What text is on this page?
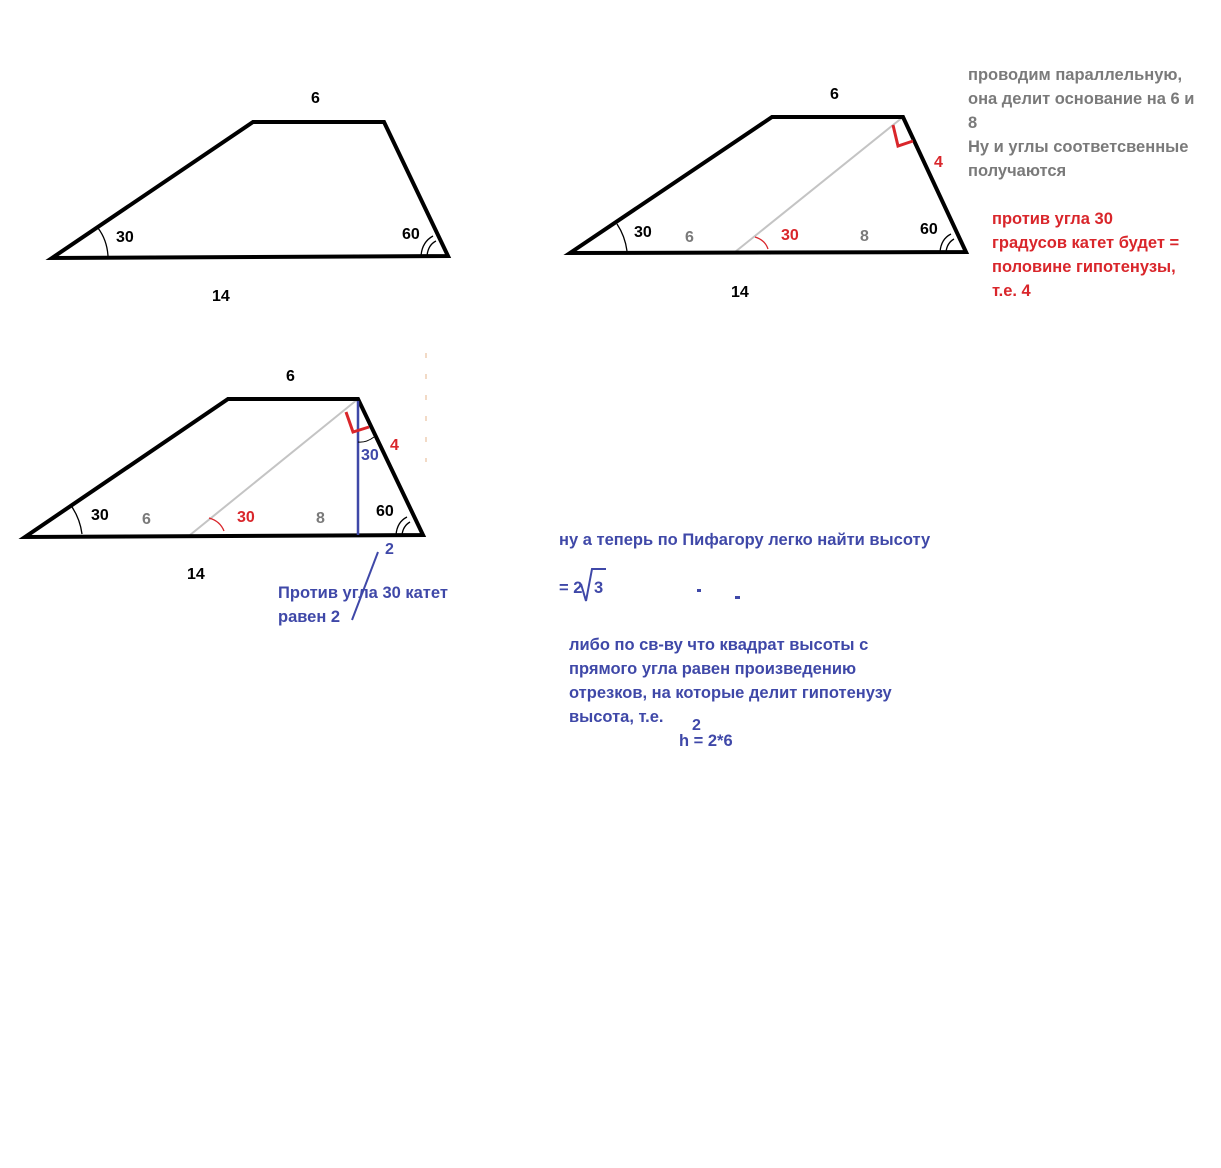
6
14
30	60
6
14
30 6	30	8	60
4
6
14
30 6	30	8	60
4
30
2
= 2 3
2
h = 2*6

проводим параллельную,
она делит основание на 6 и
8
Ну и углы соответсвенные
получаются

против угла 30
градусов катет будет =
половине гипотенузы,
т.е. 4

Против угла 30 катет
равен 2

ну а теперь по Пифагору легко найти высоту

либо по св-ву что квадрат высоты с
прямого угла равен произведению
отрезков, на которые делит гипотенузу
высота, т.е.
